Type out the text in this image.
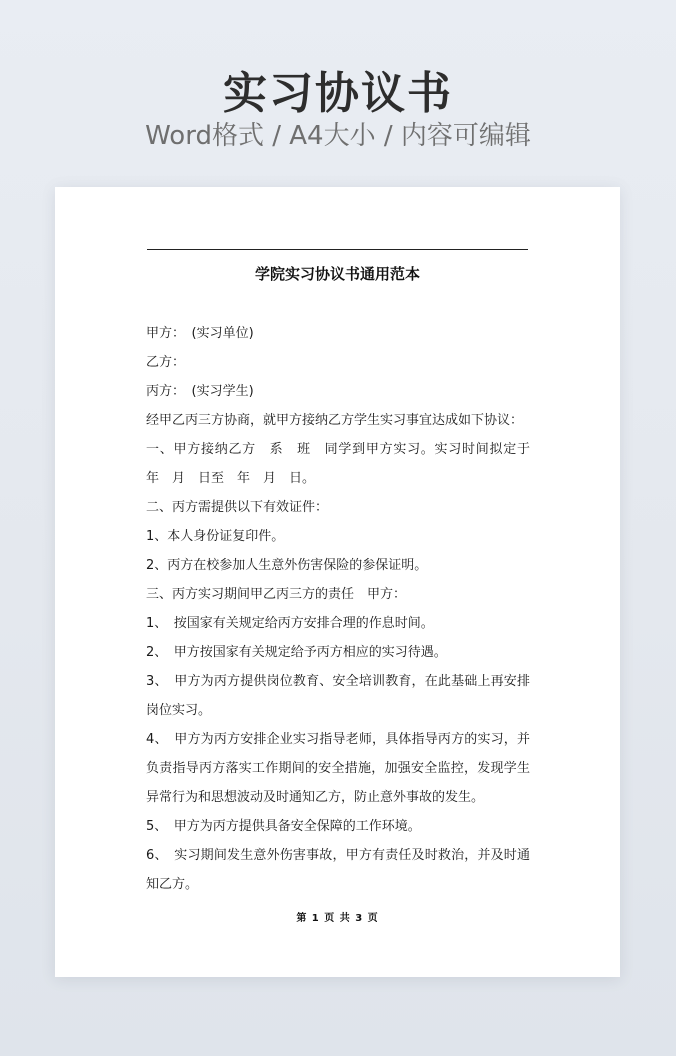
实习协议书
Word格式 / A4大小 / 内容可编辑
学院实习协议书通用范本

甲方：　(实习单位)

乙方：

丙方：　(实习学生)

经甲乙丙三方协商，就甲方接纳乙方学生实习事宜达成如下协议：

一、甲方接纳乙方　系　班　同学到甲方实习。实习时间拟定于　年　月　日至　年　月　日。

二、丙方需提供以下有效证件：

1、本人身份证复印件。

2、丙方在校参加人生意外伤害保险的参保证明。

三、丙方实习期间甲乙丙三方的责任　甲方：

1、　按国家有关规定给丙方安排合理的作息时间。

2、　甲方按国家有关规定给予丙方相应的实习待遇。

3、　甲方为丙方提供岗位教育、安全培训教育，在此基础上再安排岗位实习。

4、　甲方为丙方安排企业实习指导老师，具体指导丙方的实习，并负责指导丙方落实工作期间的安全措施，加强安全监控，发现学生异常行为和思想波动及时通知乙方，防止意外事故的发生。

5、　甲方为丙方提供具备安全保障的工作环境。

6、　实习期间发生意外伤害事故，甲方有责任及时救治，并及时通知乙方。

第 1 页 共 3 页
